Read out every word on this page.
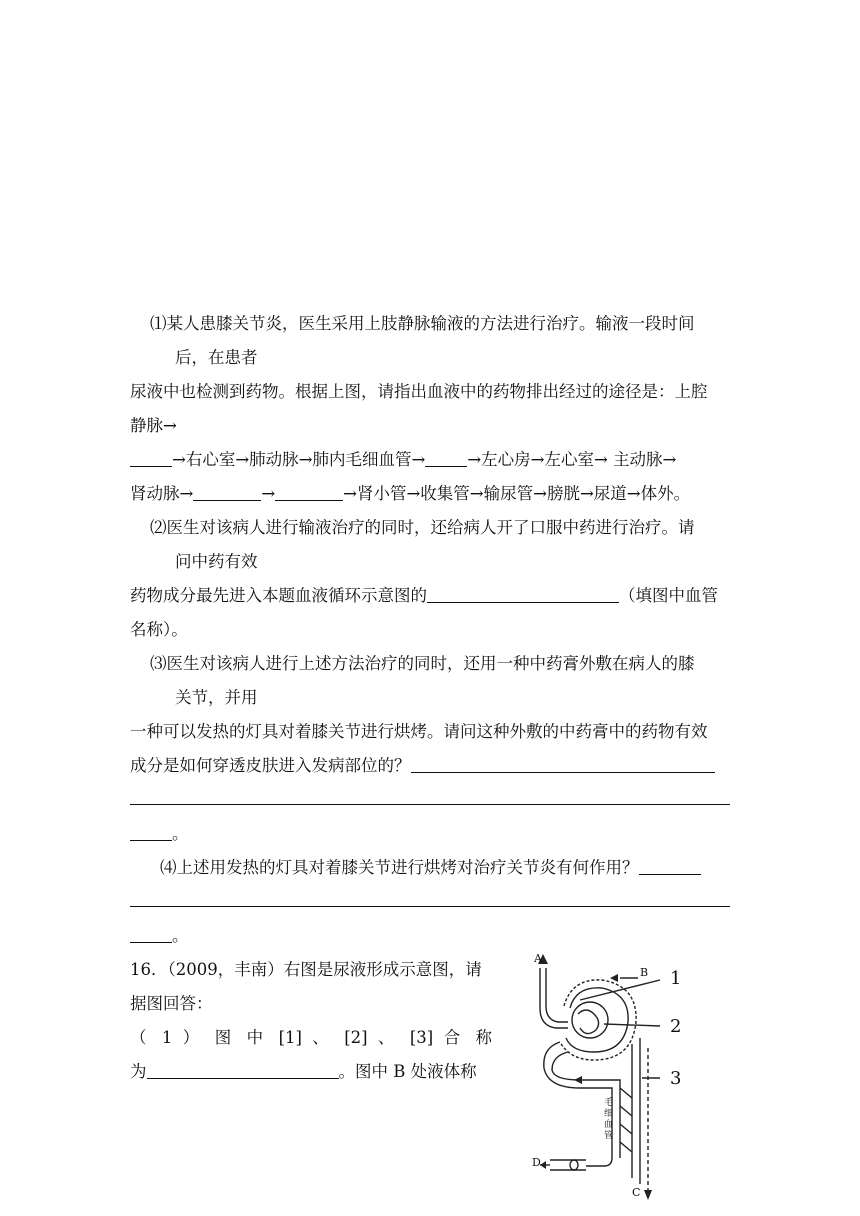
⑴某人患膝关节炎，医生采用上肢静脉输液的方法进行治疗。输液一段时间
后，在患者
尿液中也检测到药物。根据上图，请指出血液中的药物排出经过的途径是：上腔
静脉→
→右心室→肺动脉→肺内毛细血管→	→左心房→左心室→ 主动脉→
肾动脉→	→	→肾小管→收集管→输尿管→膀胱→尿道→体外。
⑵医生对该病人进行输液治疗的同时，还给病人开了口服中药进行治疗。请
问中药有效
药物成分最先进入本题血液循环示意图的	（填图中血管
名称）。
⑶医生对该病人进行上述方法治疗的同时，还用一种中药膏外敷在病人的膝
关节，并用
一种可以发热的灯具对着膝关节进行烘烤。请问这种外敷的中药膏中的药物有效
成分是如何穿透皮肤进入发病部位的？
。
⑷上述用发热的灯具对着膝关节进行烘烤对治疗关节炎有何作用？
。
16．（2009，丰南）右图是尿液形成示意图，请
据图回答：
（ 1 ） 图 中 [1] 、 [2] 、 [3] 合 称
为	。图中 B 处液体称
A
B
C
D
1
2
3
毛细血管
